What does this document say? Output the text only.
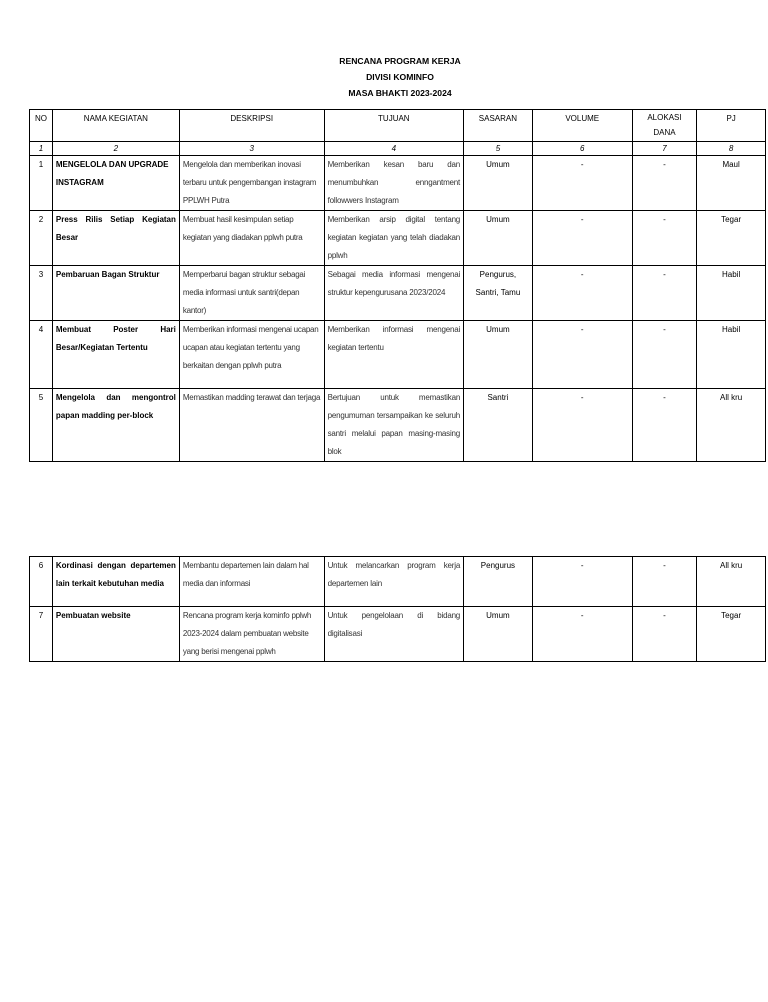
RENCANA PROGRAM KERJA
DIVISI KOMINFO
MASA BHAKTI 2023-2024
NO	NAMA KEGIATAN	DESKRIPSI	TUJUAN	SASARAN	VOLUME	ALOKASI DANA	PJ
1	2	3	4	5	6	7	8
1	MENGELOLA DAN UPGRADE INSTAGRAM	Mengelola dan memberikan inovasi terbaru untuk pengembangan instagram PPLWH Putra	Memberikan kesan baru dan menumbuhkan enngantment followwers Instagram	Umum	-	-	Maul
2	Press Rilis Setiap Kegiatan Besar	Membuat hasil kesimpulan setiap kegiatan yang diadakan pplwh putra	Memberikan arsip digital tentang kegiatan kegiatan yang telah diadakan pplwh	Umum	-	-	Tegar
3	Pembaruan Bagan Struktur	Memperbarui bagan struktur sebagai media informasi untuk santri(depan kantor)	Sebagai media informasi mengenai struktur kepengurusana 2023/2024	Pengurus, Santri, Tamu	-	-	Habil
4	Membuat Poster Hari Besar/Kegiatan Tertentu	Memberikan informasi mengenai ucapan ucapan atau kegiatan tertentu yang berkaitan dengan pplwh putra	Memberikan informasi mengenai kegiatan tertentu	Umum	-	-	Habil
5	Mengelola dan mengontrol papan madding per-block	Memastikan madding terawat dan terjaga	Bertujuan untuk memastikan pengumuman tersampaikan ke seluruh santri melalui papan masing-masing blok	Santri	-	-	All kru
6	Kordinasi dengan departemen lain terkait kebutuhan media	Membantu departemen lain dalam hal media dan informasi	Untuk melancarkan program kerja departemen lain	Pengurus	-	-	All kru
7	Pembuatan website	Rencana program kerja kominfo pplwh 2023-2024 dalam pembuatan website yang berisi mengenai pplwh	Untuk pengelolaan di bidang digitalisasi	Umum	-	-	Tegar
